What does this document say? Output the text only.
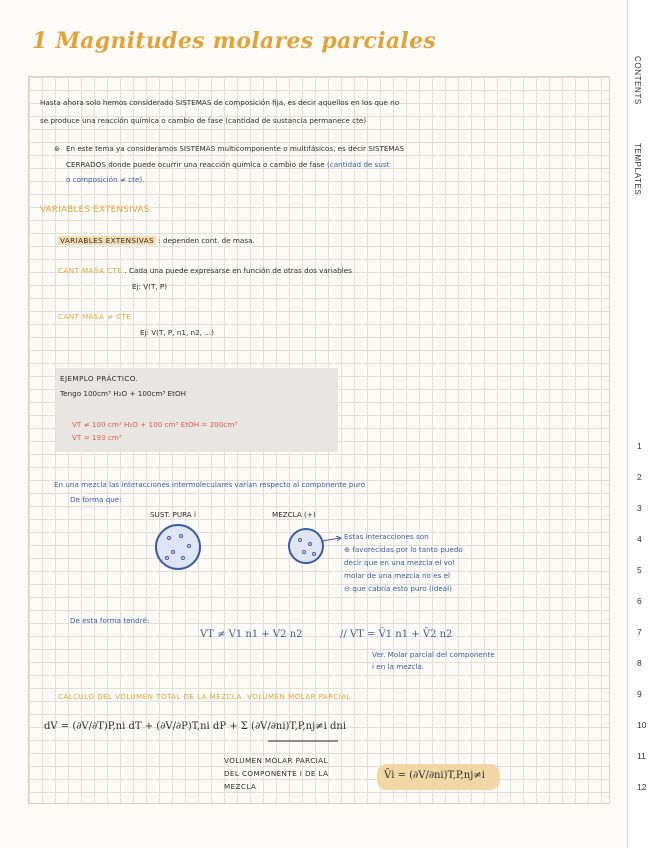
1 Magnitudes molares parciales
Hasta ahora solo hemos considerado SISTEMAS de composición fija, es decir aquellos en los que no
se produce una reacción química o cambio de fase (cantidad de sustancia permanece cte)
⊛ En este tema ya consideramos SISTEMAS multicomponente o multifásicos, es decir SISTEMAS
CERRADOS donde puede ocurrir una reacción química o cambio de fase (cantidad de sust
o composición ≠ cte).
VARIABLES EXTENSIVAS.
VARIABLES EXTENSIVAS : dependen cont. de masa.
CANT MASA CTE . Cada una puede expresarse en función de otras dos variables
Ej: V(T, P)
CANT MASA ≠ CTE
Ej: V(T, P, n1, n2, ...)
EJEMPLO PRÁCTICO.
Tengo 100cm³ H₂O + 100cm³ EtOH
VT ≠ 100 cm³ H₂O + 100 cm³ EtOH = 200cm³
VT = 193 cm³
En una mezcla las interacciones intermoleculares varían respecto al componente puro
De forma que:
SUST. PURA i	MEZCLA (+)
Estas interacciones son
⊕ favorecidas por lo tanto puedo
decir que en una mezcla el vol
molar de una mezcla no es el
⊖ que cabría esto puro (ideal)
De esta forma tendré:
VT ≠ V1 n1 + V2 n2	// VT = V̄1 n1 + V̄2 n2
Ver. Molar parcial del componente
i en la mezcla.
CÁLCULO DEL VOLUMEN TOTAL DE LA MEZCLA. VOLUMEN MOLAR PARCIAL
dV = (∂V/∂T)P,ni dT + (∂V/∂P)T,ni dP + Σ (∂V/∂ni)T,P,nj≠i dni
VOLUMEN MOLAR PARCIAL
DEL COMPONENTE I DE LA
MEZCLA
V̄i = (∂V/∂ni)T,P,nj≠i
CONTENTS
TEMPLATES
1
2
3
4
5
6
7
8
9
10
11
12
